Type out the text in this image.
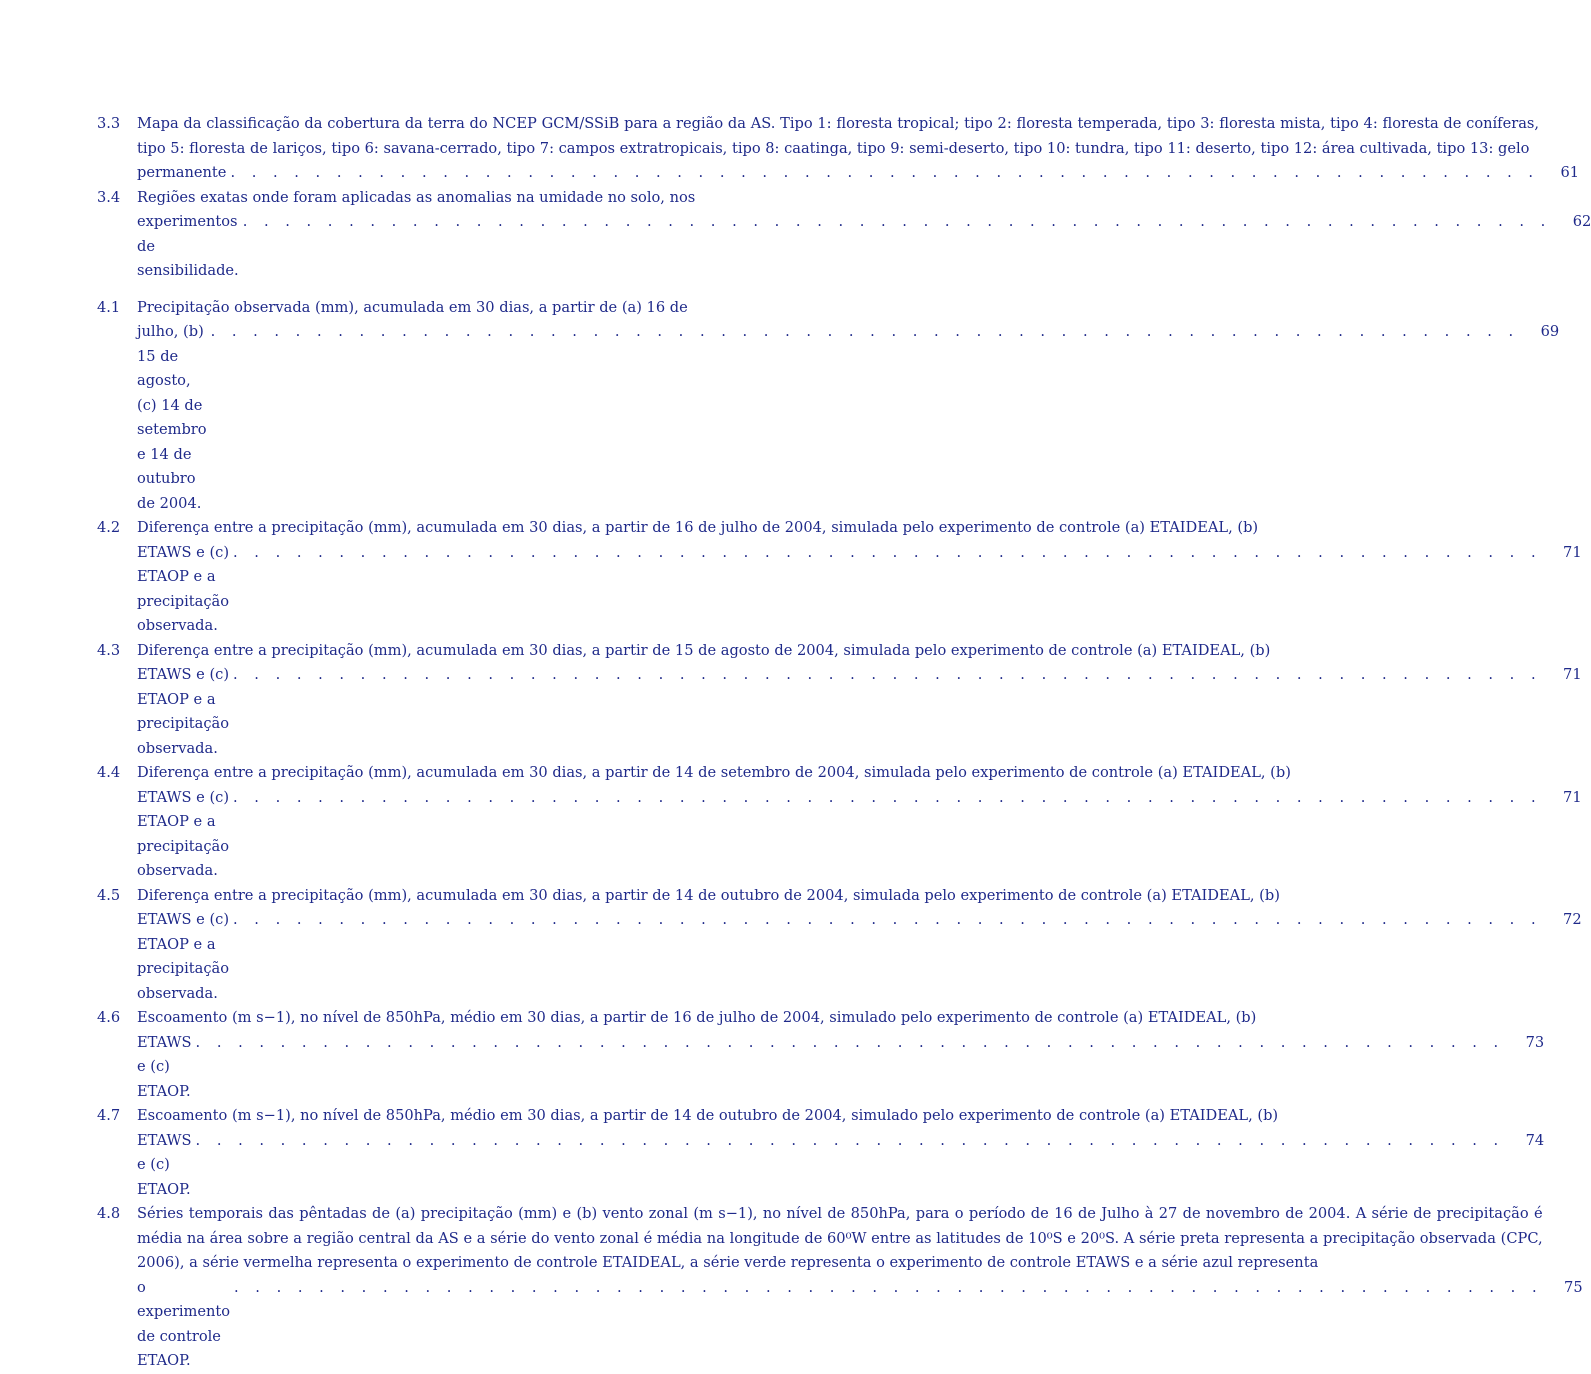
3.3	Mapa da classificação da cobertura da terra do NCEP GCM/SSiB para a região da AS. Tipo 1: floresta tropical; tipo 2: floresta temperada, tipo 3: floresta mista, tipo 4: floresta de coníferas, tipo 5: floresta de lariços, tipo 6: savana-cerrado, tipo 7: campos extratropicais, tipo 8: caatinga, tipo 9: semi-deserto, tipo 10: tundra, tipo 11: deserto, tipo 12: área cultivada, tipo 13: gelo
permanente . . . . . . . . . . . . . . . . . . . . . . . . . . . . . . . . . . . . . . . . . . . . . . . . . . . . . . . . . . . . . .	61
3.4	Regiões exatas onde foram aplicadas as anomalias na umidade no solo, nos
experimentos de sensibilidade.
. . . . . . . . . . . . . . . . . . . . . . . . . . . . . . . . . . . . . . . . . . . . . . . . . . . . . . . . . . . . . .	62
4.1	Precipitação observada (mm), acumulada em 30 dias, a partir de (a) 16 de
julho, (b) 15 de agosto, (c) 14 de setembro e 14 de outubro de 2004.
. . . . . . . . . . . . . . . . . . . . . . . . . . . . . . . . . . . . . . . . . . . . . . . . . . . . . . . . . . . . . .	69
4.2	Diferença entre a precipitação (mm), acumulada em 30 dias, a partir de 16 de julho de 2004, simulada pelo experimento de controle (a) ETAIDEAL, (b)
ETAWS e (c) ETAOP e a precipitação observada.
. . . . . . . . . . . . . . . . . . . . . . . . . . . . . . . . . . . . . . . . . . . . . . . . . . . . . . . . . . . . . .	71
4.3	Diferença entre a precipitação (mm), acumulada em 30 dias, a partir de 15 de agosto de 2004, simulada pelo experimento de controle (a) ETAIDEAL, (b)
ETAWS e (c) ETAOP e a precipitação observada.
. . . . . . . . . . . . . . . . . . . . . . . . . . . . . . . . . . . . . . . . . . . . . . . . . . . . . . . . . . . . . .	71
4.4	Diferença entre a precipitação (mm), acumulada em 30 dias, a partir de 14 de setembro de 2004, simulada pelo experimento de controle (a) ETAIDEAL, (b)
ETAWS e (c) ETAOP e a precipitação observada.
. . . . . . . . . . . . . . . . . . . . . . . . . . . . . . . . . . . . . . . . . . . . . . . . . . . . . . . . . . . . . .	71
4.5	Diferença entre a precipitação (mm), acumulada em 30 dias, a partir de 14 de outubro de 2004, simulada pelo experimento de controle (a) ETAIDEAL, (b)
ETAWS e (c) ETAOP e a precipitação observada.
. . . . . . . . . . . . . . . . . . . . . . . . . . . . . . . . . . . . . . . . . . . . . . . . . . . . . . . . . . . . . .	72
4.6	Escoamento (m s−1), no nível de 850hPa, médio em 30 dias, a partir de 16 de julho de 2004, simulado pelo experimento de controle (a) ETAIDEAL, (b)
ETAWS e (c) ETAOP.
. . . . . . . . . . . . . . . . . . . . . . . . . . . . . . . . . . . . . . . . . . . . . . . . . . . . . . . . . . . . . .	73
4.7	Escoamento (m s−1), no nível de 850hPa, médio em 30 dias, a partir de 14 de outubro de 2004, simulado pelo experimento de controle (a) ETAIDEAL, (b)
ETAWS e (c) ETAOP.
. . . . . . . . . . . . . . . . . . . . . . . . . . . . . . . . . . . . . . . . . . . . . . . . . . . . . . . . . . . . . .	74
4.8	Séries temporais das pêntadas de (a) precipitação (mm) e (b) vento zonal (m s−1), no nível de 850hPa, para o período de 16 de Julho à 27 de novembro de 2004. A série de precipitação é média na área sobre a região central da AS e a série do vento zonal é média na longitude de 60⁰W entre as latitudes de 10⁰S e 20⁰S. A série preta representa a precipitação observada (CPC, 2006), a série vermelha representa o experimento de controle ETAIDEAL, a série verde representa o experimento de controle ETAWS e a série azul representa
o experimento de controle ETAOP.
. . . . . . . . . . . . . . . . . . . . . . . . . . . . . . . . . . . . . . . . . . . . . . . . . . . . . . . . . . . . . .	75
